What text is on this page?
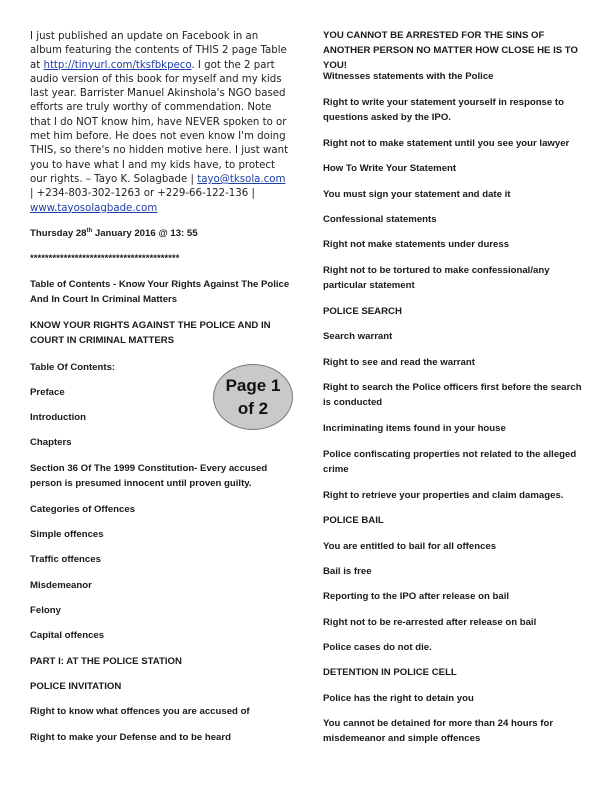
I just published an update on Facebook in an album featuring the contents of THIS 2 page Table at http://tinyurl.com/tksfbkpeco. I got the 2 part audio version of this book for myself and my kids last year. Barrister Manuel Akinshola's NGO based efforts are truly worthy of commendation. Note that I do NOT know him, have NEVER spoken to or met him before. He does not even know I'm doing THIS, so there's no hidden motive here. I just want you to have what I and my kids have, to protect our rights. – Tayo K. Solagbade | tayo@tksola.com | +234-803-302-1263 or +229-66-122-136 | www.tayosolagbade.com
Thursday 28th January 2016 @ 13: 55
****************************************
Table of Contents - Know Your Rights Against The Police And In Court In Criminal Matters
KNOW YOUR RIGHTS AGAINST THE POLICE AND IN COURT IN CRIMINAL MATTERS
Table Of Contents:
Preface
Introduction
Chapters
Section 36 Of The 1999 Constitution- Every accused person is presumed innocent until proven guilty.
Categories of Offences
Simple offences
Traffic offences
Misdemeanor
Felony
Capital offences
PART I: AT THE POLICE STATION
POLICE INVITATION
Right to know what offences you are accused of
Right to make your Defense and to be heard
Page 1
of 2
YOU CANNOT BE ARRESTED FOR THE SINS OF ANOTHER PERSON NO MATTER HOW CLOSE HE IS TO YOU!
Witnesses statements with the Police
Right to write your statement yourself in response to questions asked by the IPO.
Right not to make statement until you see your lawyer
How To Write Your Statement
You must sign your statement and date it
Confessional statements
Right not make statements under duress
Right not to be tortured to make confessional/any particular statement
POLICE SEARCH
Search warrant
Right to see and read the warrant
Right to search the Police officers first before the search is conducted
Incriminating items found in your house
Police confiscating properties not related to the alleged crime
Right to retrieve your properties and claim damages.
POLICE BAIL
You are entitled to bail for all offences
Bail is free
Reporting to the IPO after release on bail
Right not to be re-arrested after release on bail
Police cases do not die.
DETENTION IN POLICE CELL
Police has the right to detain you
You cannot be detained for more than 24 hours for misdemeanor and simple offences
